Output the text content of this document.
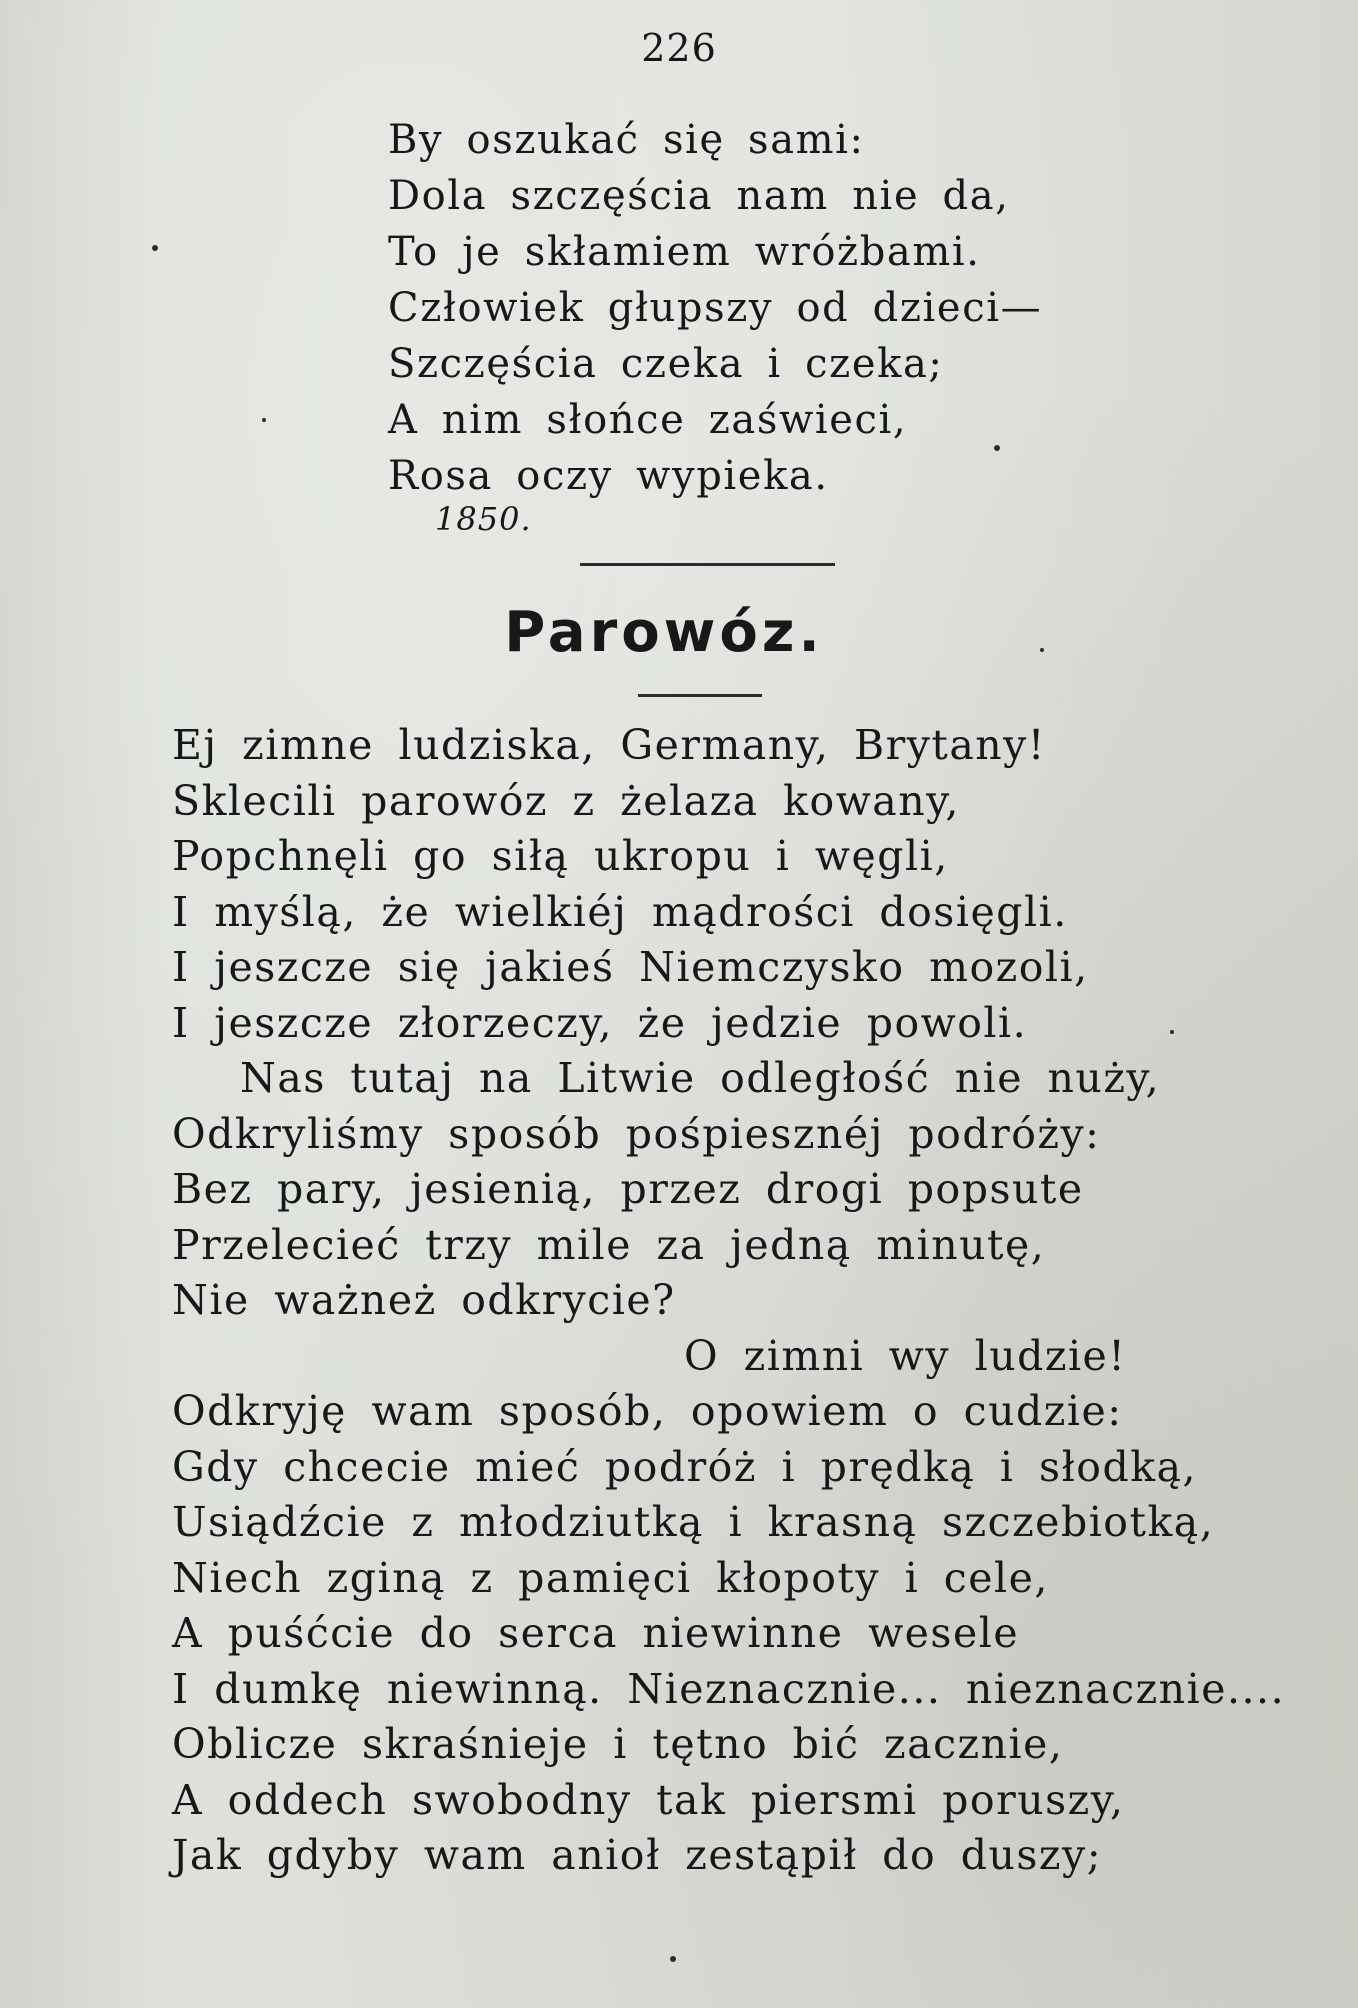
226
By oszukać się sami:
Dola szczęścia nam nie da,
To je skłamiem wróżbami.
Człowiek głupszy od dzieci—
Szczęścia czeka i czeka;
A nim słońce zaświeci,
Rosa oczy wypieka.
1850.
Parowóz.
Ej zimne ludziska, Germany, Brytany!
Sklecili parowóz z żelaza kowany,
Popchnęli go siłą ukropu i węgli,
I myślą, że wielkiéj mądrości dosięgli.
I jeszcze się jakieś Niemczysko mozoli,
I jeszcze złorzeczy, że jedzie powoli.
Nas tutaj na Litwie odległość nie nuży,
Odkryliśmy sposób pośpiesznéj podróży:
Bez pary, jesienią, przez drogi popsute
Przelecieć trzy mile za jedną minutę,
Nie ważneż odkrycie?
O zimni wy ludzie!
Odkryję wam sposób, opowiem o cudzie:
Gdy chcecie mieć podróż i prędką i słodką,
Usiądźcie z młodziutką i krasną szczebiotką,
Niech zginą z pamięci kłopoty i cele,
A puśćcie do serca niewinne wesele
I dumkę niewinną. Nieznacznie... nieznacznie....
Oblicze skraśnieje i tętno bić zacznie,
A oddech swobodny tak piersmi poruszy,
Jak gdyby wam anioł zestąpił do duszy;
